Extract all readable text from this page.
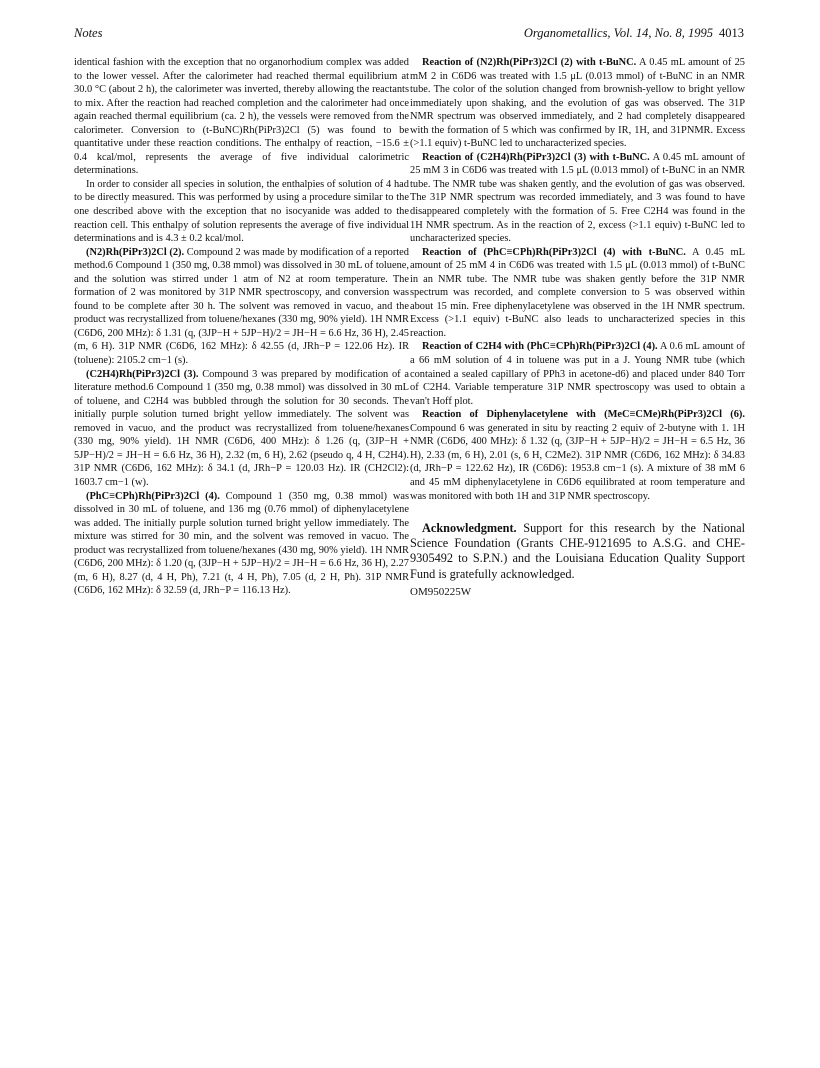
Notes	Organometallics, Vol. 14, No. 8, 1995 4013

identical fashion with the exception that no organorhodium complex was added to the lower vessel. After the calorimeter had reached thermal equilibrium at 30.0 °C (about 2 h), the calorimeter was inverted, thereby allowing the reactants to mix. After the reaction had reached completion and the calorimeter had once again reached thermal equilibrium (ca. 2 h), the vessels were removed from the calorimeter. Conversion to (t-BuNC)Rh(PiPr3)2Cl (5) was found to be quantitative under these reaction conditions. The enthalpy of reaction, −15.6 ± 0.4 kcal/mol, represents the average of five individual calorimetric determinations.

In order to consider all species in solution, the enthalpies of solution of 4 had to be directly measured. This was performed by using a procedure similar to the one described above with the exception that no isocyanide was added to the reaction cell. This enthalpy of solution represents the average of five individual determinations and is 4.3 ± 0.2 kcal/mol.

(N2)Rh(PiPr3)2Cl (2). Compound 2 was made by modification of a reported method.6 Compound 1 (350 mg, 0.38 mmol) was dissolved in 30 mL of toluene, and the solution was stirred under 1 atm of N2 at room temperature. The formation of 2 was monitored by 31P NMR spectroscopy, and conversion was found to be complete after 30 h. The solvent was removed in vacuo, and the product was recrystallized from toluene/hexanes (330 mg, 90% yield). 1H NMR (C6D6, 200 MHz): δ 1.31 (q, (3JP−H + 5JP−H)/2 = JH−H = 6.6 Hz, 36 H), 2.45 (m, 6 H). 31P NMR (C6D6, 162 MHz): δ 42.55 (d, JRh−P = 122.06 Hz). IR (toluene): 2105.2 cm−1 (s).

(C2H4)Rh(PiPr3)2Cl (3). Compound 3 was prepared by modification of a literature method.6 Compound 1 (350 mg, 0.38 mmol) was dissolved in 30 mL of toluene, and C2H4 was bubbled through the solution for 30 seconds. The initially purple solution turned bright yellow immediately. The solvent was removed in vacuo, and the product was recrystallized from toluene/hexanes (330 mg, 90% yield). 1H NMR (C6D6, 400 MHz): δ 1.26 (q, (3JP−H + 5JP−H)/2 = JH−H = 6.6 Hz, 36 H), 2.32 (m, 6 H), 2.62 (pseudo q, 4 H, C2H4). 31P NMR (C6D6, 162 MHz): δ 34.1 (d, JRh−P = 120.03 Hz). IR (CH2Cl2): 1603.7 cm−1 (w).

(PhC≡CPh)Rh(PiPr3)2Cl (4). Compound 1 (350 mg, 0.38 mmol) was dissolved in 30 mL of toluene, and 136 mg (0.76 mmol) of diphenylacetylene was added. The initially purple solution turned bright yellow immediately. The mixture was stirred for 30 min, and the solvent was removed in vacuo. The product was recrystallized from toluene/hexanes (430 mg, 90% yield). 1H NMR (C6D6, 200 MHz): δ 1.20 (q, (3JP−H + 5JP−H)/2 = JH−H = 6.6 Hz, 36 H), 2.27 (m, 6 H), 8.27 (d, 4 H, Ph), 7.21 (t, 4 H, Ph), 7.05 (d, 2 H, Ph). 31P NMR (C6D6, 162 MHz): δ 32.59 (d, JRh−P = 116.13 Hz).

Reaction of (N2)Rh(PiPr3)2Cl (2) with t-BuNC. A 0.45 mL amount of 25 mM 2 in C6D6 was treated with 1.5 μL (0.013 mmol) of t-BuNC in an NMR tube. The color of the solution changed from brownish-yellow to bright yellow immediately upon shaking, and the evolution of gas was observed. The 31P NMR spectrum was observed immediately, and 2 had completely disappeared with the formation of 5 which was confirmed by IR, 1H, and 31PNMR. Excess (>1.1 equiv) t-BuNC led to uncharacterized species.

Reaction of (C2H4)Rh(PiPr3)2Cl (3) with t-BuNC. A 0.45 mL amount of 25 mM 3 in C6D6 was treated with 1.5 μL (0.013 mmol) of t-BuNC in an NMR tube. The NMR tube was shaken gently, and the evolution of gas was observed. The 31P NMR spectrum was recorded immediately, and 3 was found to have disappeared completely with the formation of 5. Free C2H4 was found in the 1H NMR spectrum. As in the reaction of 2, excess (>1.1 equiv) t-BuNC led to uncharacterized species.

Reaction of (PhC≡CPh)Rh(PiPr3)2Cl (4) with t-BuNC. A 0.45 mL amount of 25 mM 4 in C6D6 was treated with 1.5 μL (0.013 mmol) of t-BuNC in an NMR tube. The NMR tube was shaken gently before the 31P NMR spectrum was recorded, and complete conversion to 5 was observed within about 15 min. Free diphenylacetylene was observed in the 1H NMR spectrum. Excess (>1.1 equiv) t-BuNC also leads to uncharacterized species in this reaction.

Reaction of C2H4 with (PhC≡CPh)Rh(PiPr3)2Cl (4). A 0.6 mL amount of a 66 mM solution of 4 in toluene was put in a J. Young NMR tube (which contained a sealed capillary of PPh3 in acetone-d6) and placed under 840 Torr of C2H4. Variable temperature 31P NMR spectroscopy was used to obtain a van't Hoff plot.

Reaction of Diphenylacetylene with (MeC≡CMe)Rh(PiPr3)2Cl (6). Compound 6 was generated in situ by reacting 2 equiv of 2-butyne with 1. 1H NMR (C6D6, 400 MHz): δ 1.32 (q, (3JP−H + 5JP−H)/2 = JH−H = 6.5 Hz, 36 H), 2.33 (m, 6 H), 2.01 (s, 6 H, C2Me2). 31P NMR (C6D6, 162 MHz): δ 34.83 (d, JRh−P = 122.62 Hz), IR (C6D6): 1953.8 cm−1 (s). A mixture of 38 mM 6 and 45 mM diphenylacetylene in C6D6 equilibrated at room temperature and was monitored with both 1H and 31P NMR spectroscopy.

Acknowledgment. Support for this research by the National Science Foundation (Grants CHE-9121695 to A.S.G. and CHE-9305492 to S.P.N.) and the Louisiana Education Quality Support Fund is gratefully acknowledged.

OM950225W
